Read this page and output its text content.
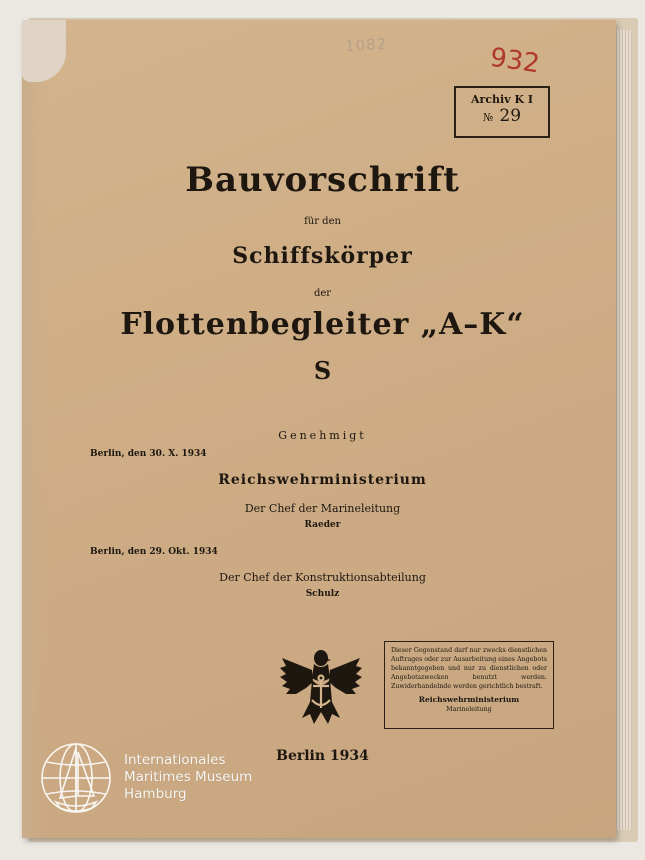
1082	932
Archiv K I
№ 29
Bauvorschrift
für den
Schiffskörper
der
Flottenbegleiter „A–K“
S
Genehmigt
Berlin, den 30. X. 1934
Reichswehrministerium
Der Chef der Marineleitung
Raeder
Berlin, den 29. Okt. 1934
Der Chef der Konstruktionsabteilung
Schulz
Dieser Gegenstand darf nur zwecks dienstlichen Auftrages oder zur Ausarbeitung eines Angebots bekanntgegeben und nur zu dienstlichen oder Angebotszwecken benutzt werden. Zuwiderhandelnde werden gerichtlich bestraft.
Reichswehrministerium
Marineleitung
Berlin 1934
Internationales
Maritimes Museum
Hamburg
